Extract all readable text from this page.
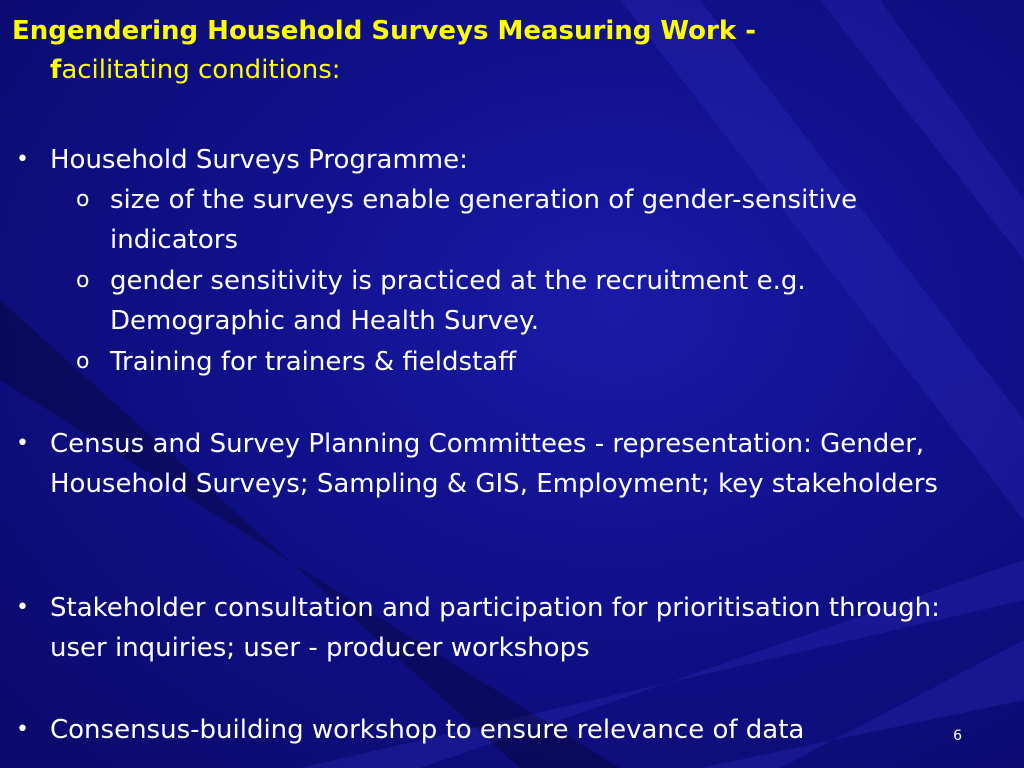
Engendering Household Surveys Measuring Work -
facilitating conditions:
• Household Surveys Programme:
o size of the surveys enable generation of gender-sensitive indicators
o gender sensitivity is practiced at the recruitment e.g. Demographic and Health Survey.
o Training for trainers & fieldstaff
• Census and Survey Planning Committees - representation: Gender, Household Surveys; Sampling & GIS, Employment; key stakeholders
• Stakeholder consultation and participation for prioritisation through: user inquiries; user - producer workshops
• Consensus-building workshop to ensure relevance of data	6
